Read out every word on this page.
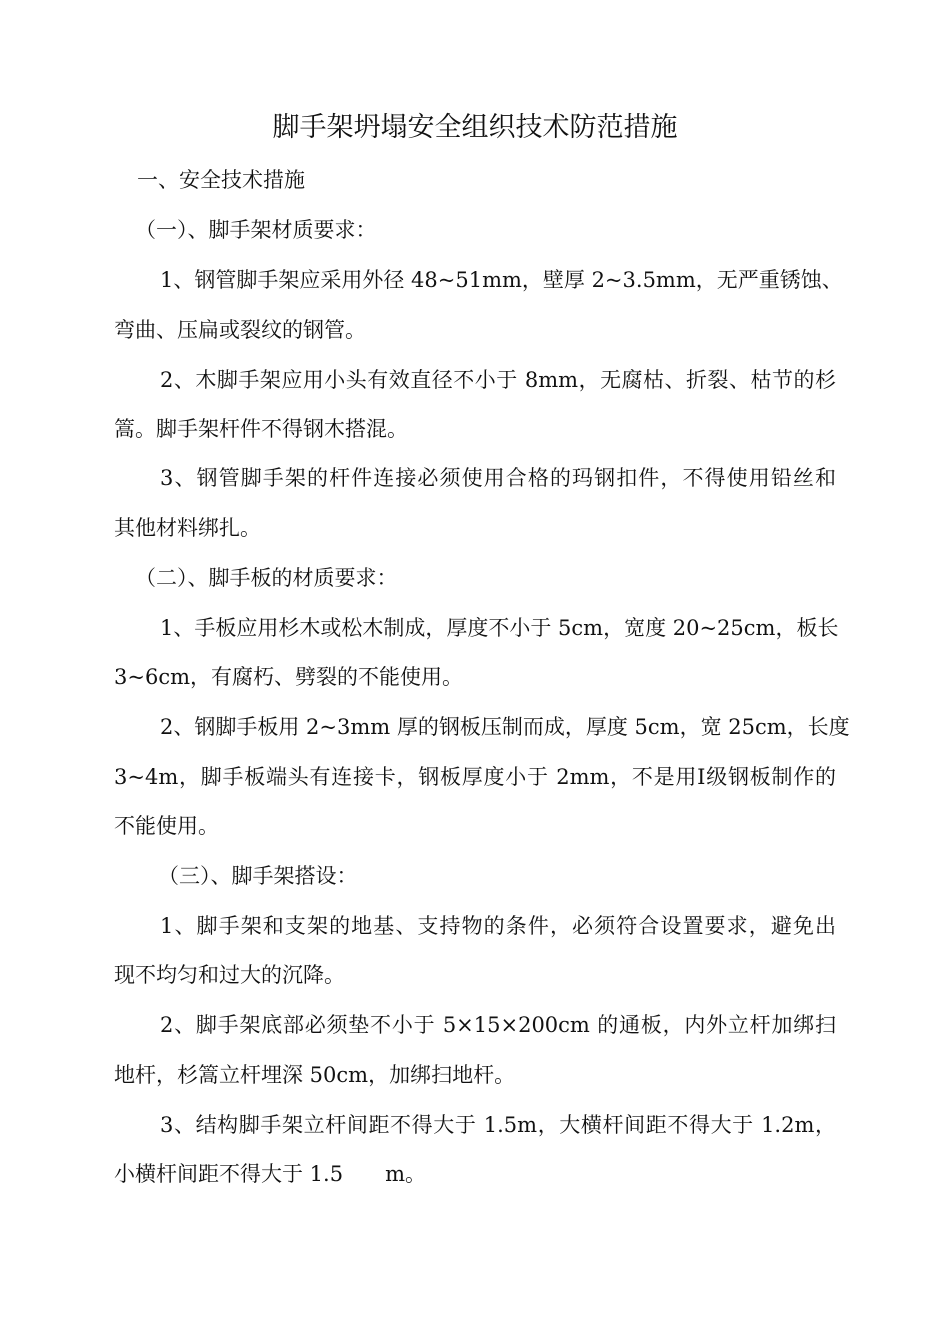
脚手架坍塌安全组织技术防范措施
一、安全技术措施
（一）、脚手架材质要求：
1、钢管脚手架应采用外径 48~51mm，壁厚 2~3.5mm，无严重锈蚀、
弯曲、压扁或裂纹的钢管。
2、木脚手架应用小头有效直径不小于 8mm，无腐枯、折裂、枯节的杉
篙。脚手架杆件不得钢木搭混。
3、钢管脚手架的杆件连接必须使用合格的玛钢扣件，不得使用铅丝和
其他材料绑扎。
（二）、脚手板的材质要求：
1、手板应用杉木或松木制成，厚度不小于 5cm，宽度 20~25cm，板长
3~6cm，有腐朽、劈裂的不能使用。
2、钢脚手板用 2~3mm 厚的钢板压制而成，厚度 5cm，宽 25cm，长度
3~4m，脚手板端头有连接卡，钢板厚度小于 2mm，不是用Ⅰ级钢板制作的
不能使用。
（三）、脚手架搭设：
1、脚手架和支架的地基、支持物的条件，必须符合设置要求，避免出
现不均匀和过大的沉降。
2、脚手架底部必须垫不小于 5×15×200cm 的通板，内外立杆加绑扫
地杆，杉篙立杆埋深 50cm，加绑扫地杆。
3、结构脚手架立杆间距不得大于 1.5m，大横杆间距不得大于 1.2m，
小横杆间距不得大于 1.5　　m。
